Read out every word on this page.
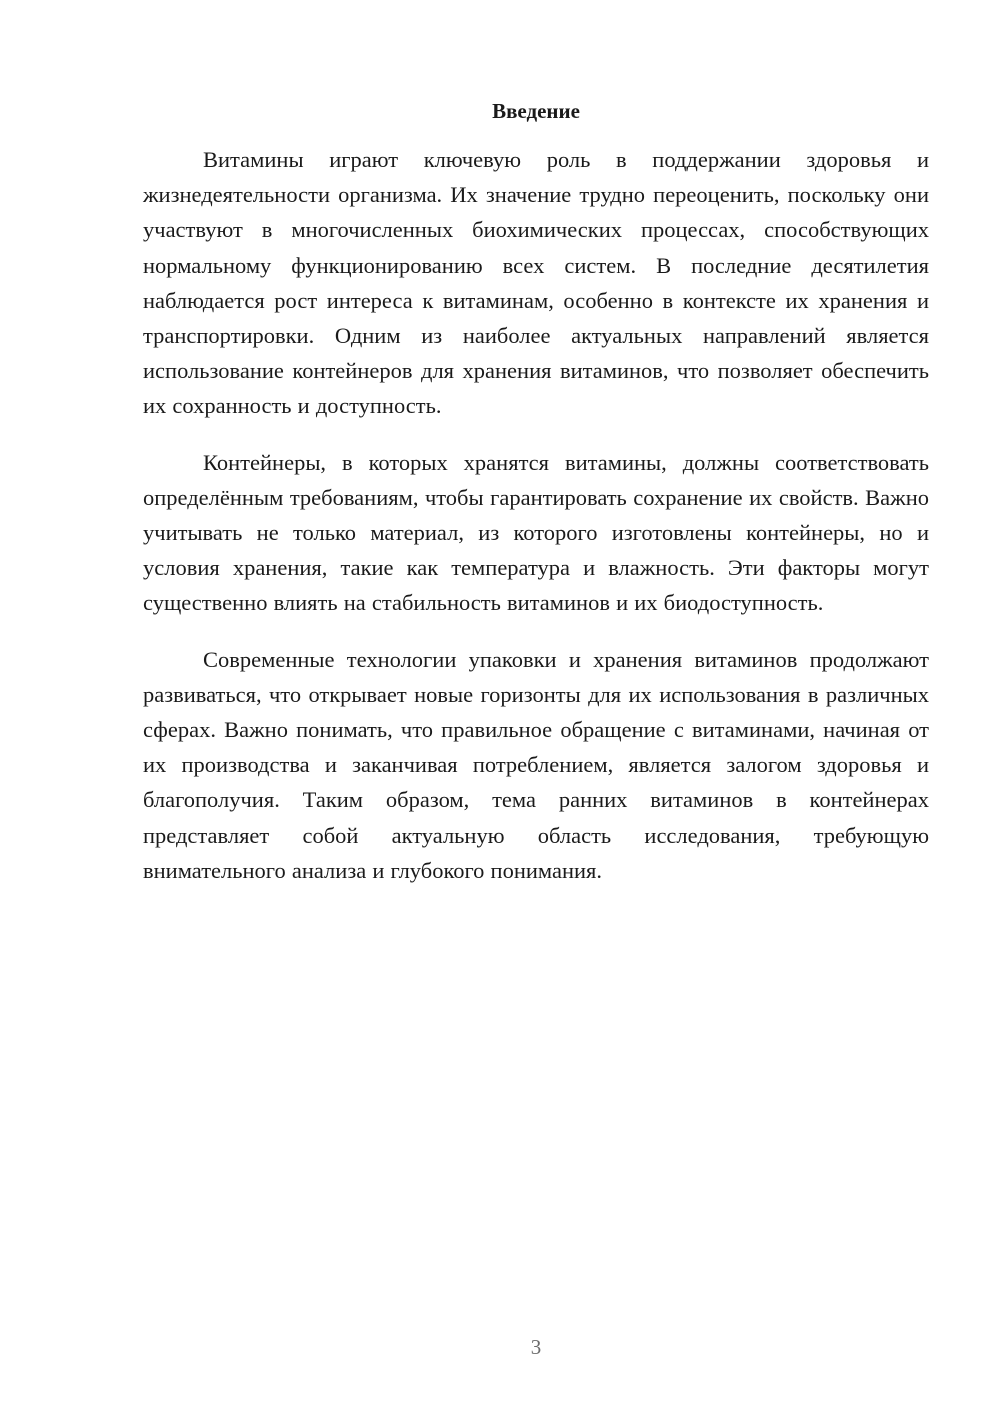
Введение

Витамины играют ключевую роль в поддержании здоровья и жизнедеятельности организма. Их значение трудно переоценить, поскольку они участвуют в многочисленных биохимических процессах, способствующих нормальному функционированию всех систем. В последние десятилетия наблюдается рост интереса к витаминам, особенно в контексте их хранения и транспортировки. Одним из наиболее актуальных направлений является использование контейнеров для хранения витаминов, что позволяет обеспечить их сохранность и доступность.

Контейнеры, в которых хранятся витамины, должны соответствовать определённым требованиям, чтобы гарантировать сохранение их свойств. Важно учитывать не только материал, из которого изготовлены контейнеры, но и условия хранения, такие как температура и влажность. Эти факторы могут существенно влиять на стабильность витаминов и их биодоступность.

Современные технологии упаковки и хранения витаминов продолжают развиваться, что открывает новые горизонты для их использования в различных сферах. Важно понимать, что правильное обращение с витаминами, начиная от их производства и заканчивая потреблением, является залогом здоровья и благополучия. Таким образом, тема ранних витаминов в контейнерах представляет собой актуальную область исследования, требующую внимательного анализа и глубокого понимания.

3
